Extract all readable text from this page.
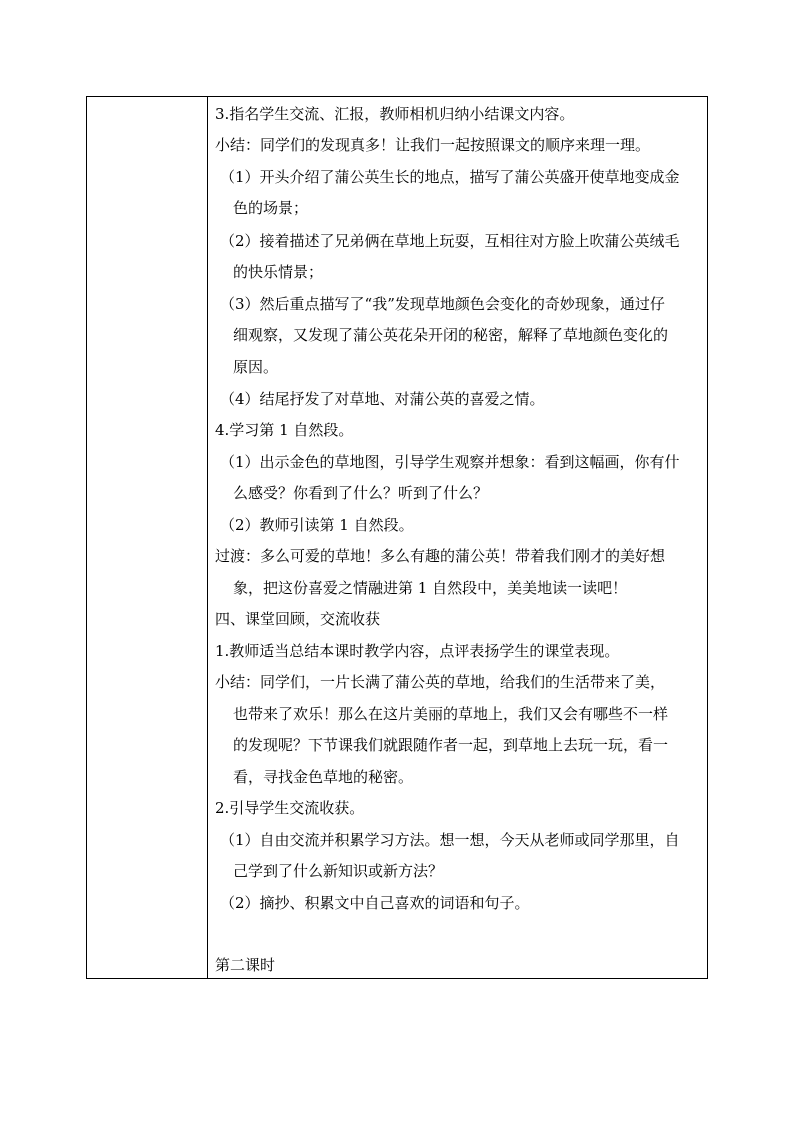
3.指名学生交流、汇报，教师相机归纳小结课文内容。
小结：同学们的发现真多！让我们一起按照课文的顺序来理一理。
（1）开头介绍了蒲公英生长的地点，描写了蒲公英盛开使草地变成金
色的场景；
（2）接着描述了兄弟俩在草地上玩耍，互相往对方脸上吹蒲公英绒毛
的快乐情景；
（3）然后重点描写了“我”发现草地颜色会变化的奇妙现象，通过仔
细观察，又发现了蒲公英花朵开闭的秘密，解释了草地颜色变化的
原因。
（4）结尾抒发了对草地、对蒲公英的喜爱之情。
4.学习第 1 自然段。
（1）出示金色的草地图，引导学生观察并想象：看到这幅画，你有什
么感受？你看到了什么？听到了什么？
（2）教师引读第 1 自然段。
过渡：多么可爱的草地！多么有趣的蒲公英！带着我们刚才的美好想
象，把这份喜爱之情融进第 1 自然段中，美美地读一读吧！
四、课堂回顾，交流收获
1.教师适当总结本课时教学内容，点评表扬学生的课堂表现。
小结：同学们，一片长满了蒲公英的草地，给我们的生活带来了美，
也带来了欢乐！那么在这片美丽的草地上，我们又会有哪些不一样
的发现呢？下节课我们就跟随作者一起，到草地上去玩一玩，看一
看，寻找金色草地的秘密。
2.引导学生交流收获。
（1）自由交流并积累学习方法。想一想，今天从老师或同学那里，自
己学到了什么新知识或新方法？
（2）摘抄、积累文中自己喜欢的词语和句子。
第二课时
